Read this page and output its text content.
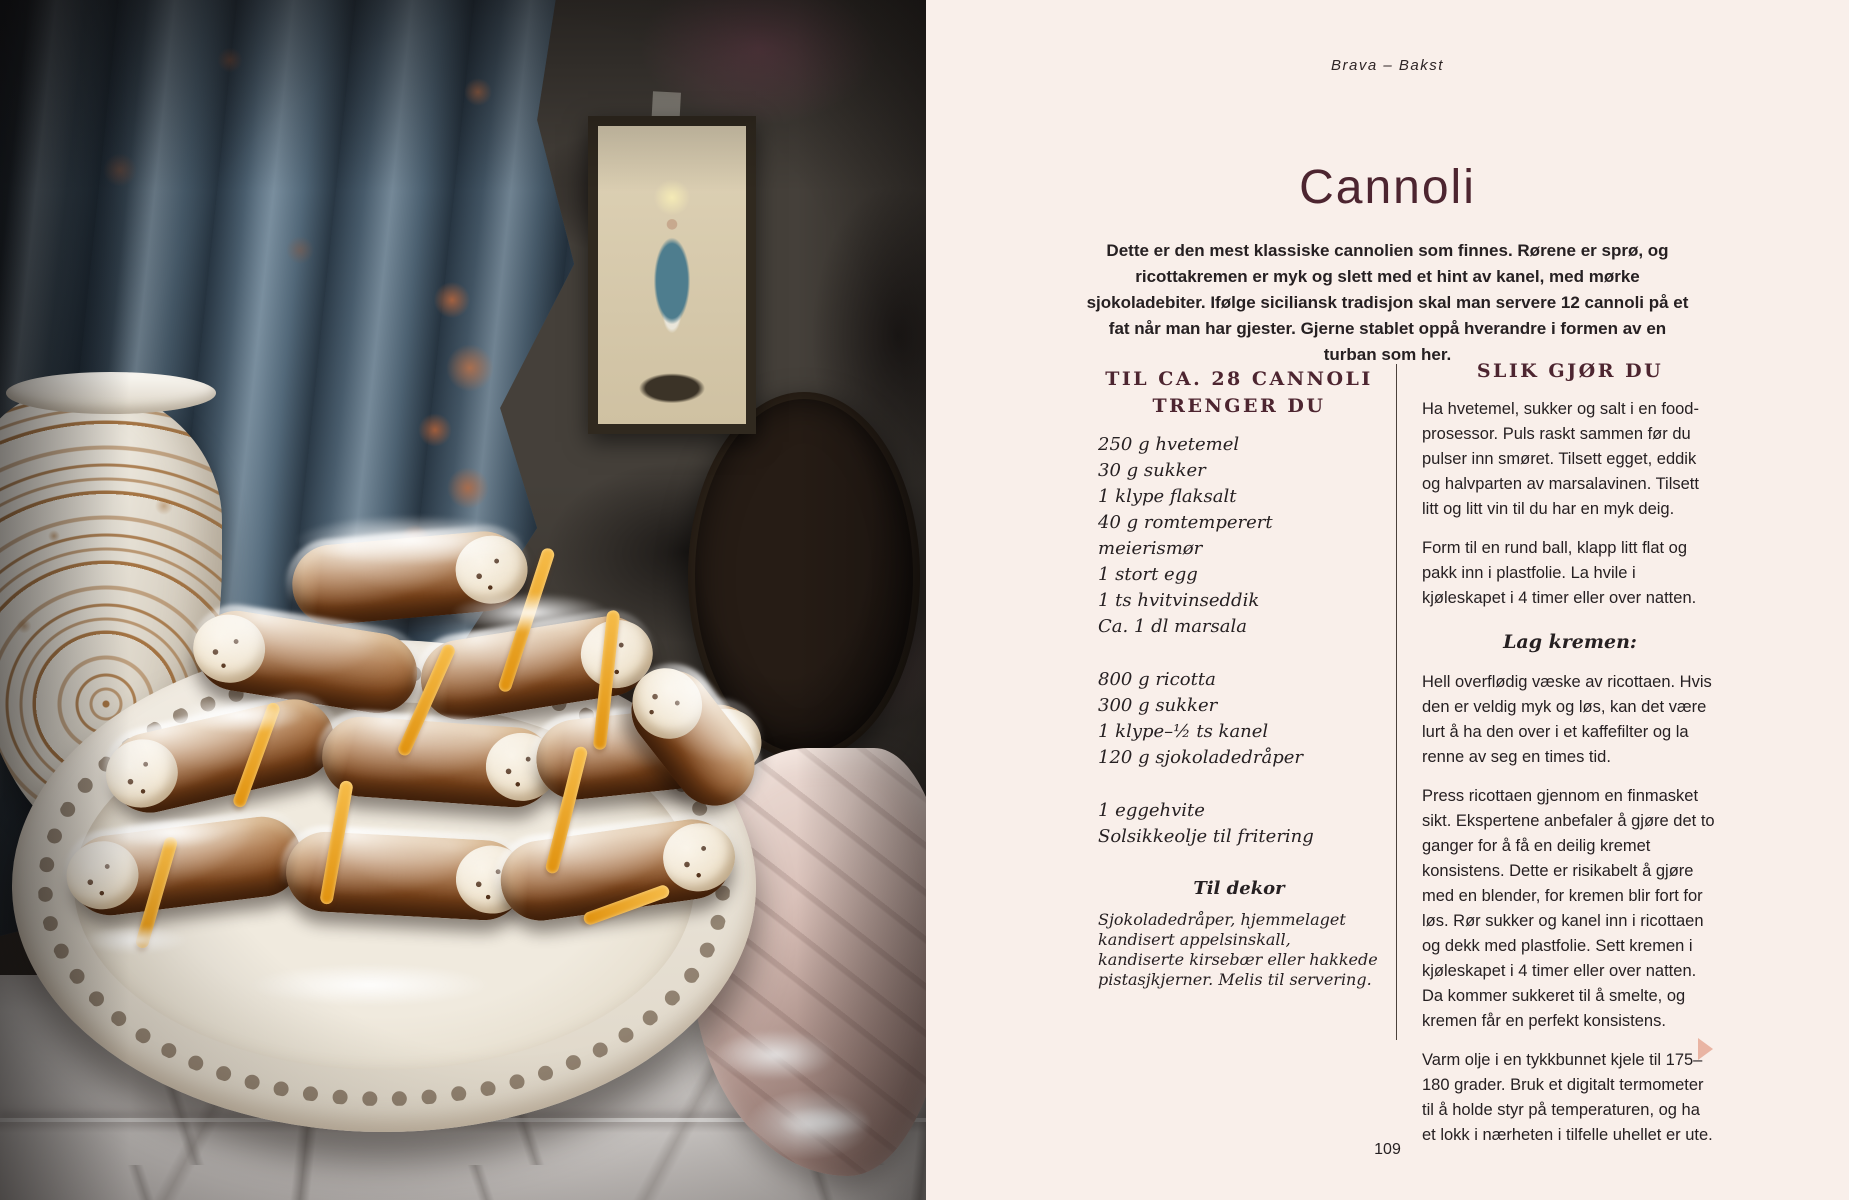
Brava – Bakst
Cannoli

Dette er den mest klassiske cannolien som finnes. Rørene er sprø, og ricottakremen er myk og slett med et hint av kanel, med mørke sjokoladebiter. Ifølge siciliansk tradisjon skal man servere 12 cannoli på et fat når man har gjester. Gjerne stablet oppå hverandre i formen av en turban som her.

TIL CA. 28 CANNOLI
TRENGER DU

250 g hvetemel

30 g sukker

1 klype flaksalt

40 g romtemperert meierismør

1 stort egg

1 ts hvitvinseddik

Ca. 1 dl marsala

800 g ricotta

300 g sukker

1 klype–½ ts kanel

120 g sjokoladedråper

1 eggehvite

Solsikkeolje til fritering

Til dekor

Sjokoladedråper, hjemmelaget kandisert appelsinskall, kandiserte kirsebær eller hakkede pistasjkjerner. Melis til servering.

SLIK GJØR DU

Ha hvetemel, sukker og salt i en food-prosessor. Puls raskt sammen før du pulser inn smøret. Tilsett egget, eddik og halvparten av marsalavinen. Tilsett litt og litt vin til du har en myk deig.

Form til en rund ball, klapp litt flat og pakk inn i plastfolie. La hvile i kjøleskapet i 4 timer eller over natten.

Lag kremen:

Hell overflødig væske av ricottaen. Hvis den er veldig myk og løs, kan det være lurt å ha den over i et kaffefilter og la renne av seg en times tid.

Press ricottaen gjennom en finmasket sikt. Ekspertene anbefaler å gjøre det to ganger for å få en deilig kremet konsistens. Dette er risikabelt å gjøre med en blender, for kremen blir fort for løs. Rør sukker og kanel inn i ricottaen og dekk med plastfolie. Sett kremen i kjøleskapet i 4 timer eller over natten. Da kommer sukkeret til å smelte, og kremen får en perfekt konsistens.

Varm olje i en tykkbunnet kjele til 175–180 grader. Bruk et digitalt termometer til å holde styr på temperaturen, og ha et lokk i nærheten i tilfelle uhellet er ute.

109
